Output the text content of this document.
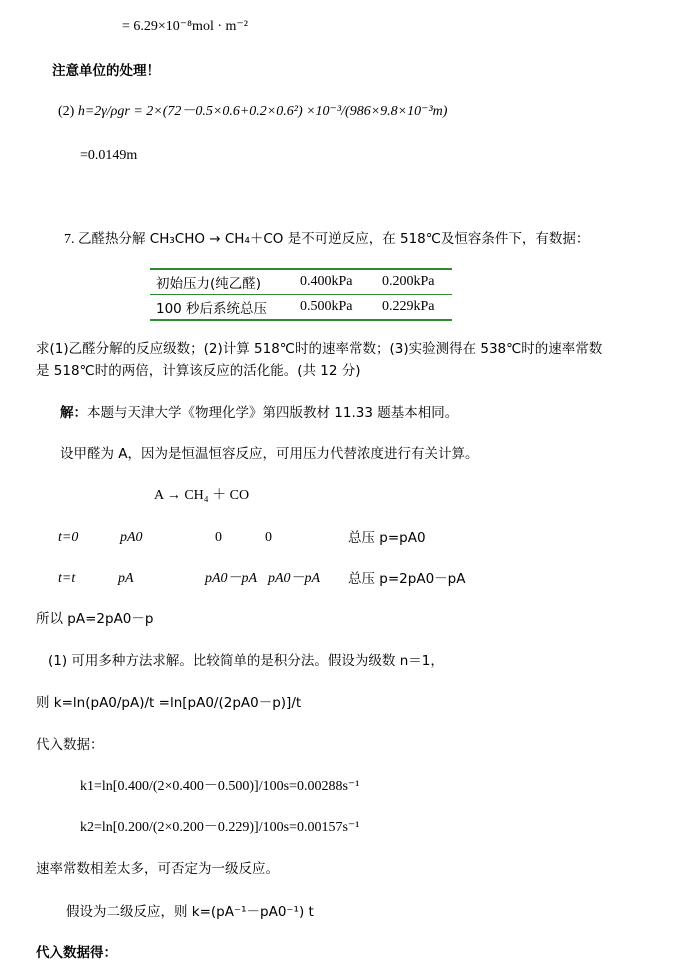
= 6.29×10⁻⁸mol · m⁻²
注意单位的处理！
(2) h=2γ/ρgr = 2×(72－0.5×0.6+0.2×0.6²) ×10⁻³/(986×9.8×10⁻³m)
=0.0149m
7. 乙醛热分解 CH₃CHO → CH₄＋CO 是不可逆反应，在 518℃及恒容条件下，有数据：
初始压力(纯乙醛)	0.400kPa	0.200kPa
100 秒后系统总压	0.500kPa	0.229kPa
求(1)乙醛分解的反应级数；(2)计算 518℃时的速率常数；(3)实验测得在 538℃时的速率常数
是 518℃时的两倍，计算该反应的活化能。(共 12 分)
解：本题与天津大学《物理化学》第四版教材 11.33 题基本相同。
设甲醛为 A，因为是恒温恒容反应，可用压力代替浓度进行有关计算。
A → CH₄ ＋ CO
t=0	pA0	0	0	总压 p=pA0
t=t	pA	pA0－pA pA0－pA 总压 p=2pA0－pA
所以 pA=2pA0－p
(1) 可用多种方法求解。比较简单的是积分法。假设为级数 n＝1，
则 k=ln(pA0/pA)/t =ln[pA0/(2pA0－p)]/t
代入数据：
k1=ln[0.400/(2×0.400－0.500)]/100s=0.00288s⁻¹
k2=ln[0.200/(2×0.200－0.229)]/100s=0.00157s⁻¹
速率常数相差太多，可否定为一级反应。
假设为二级反应，则 k=(pA⁻¹－pA0⁻¹) t
代入数据得：
